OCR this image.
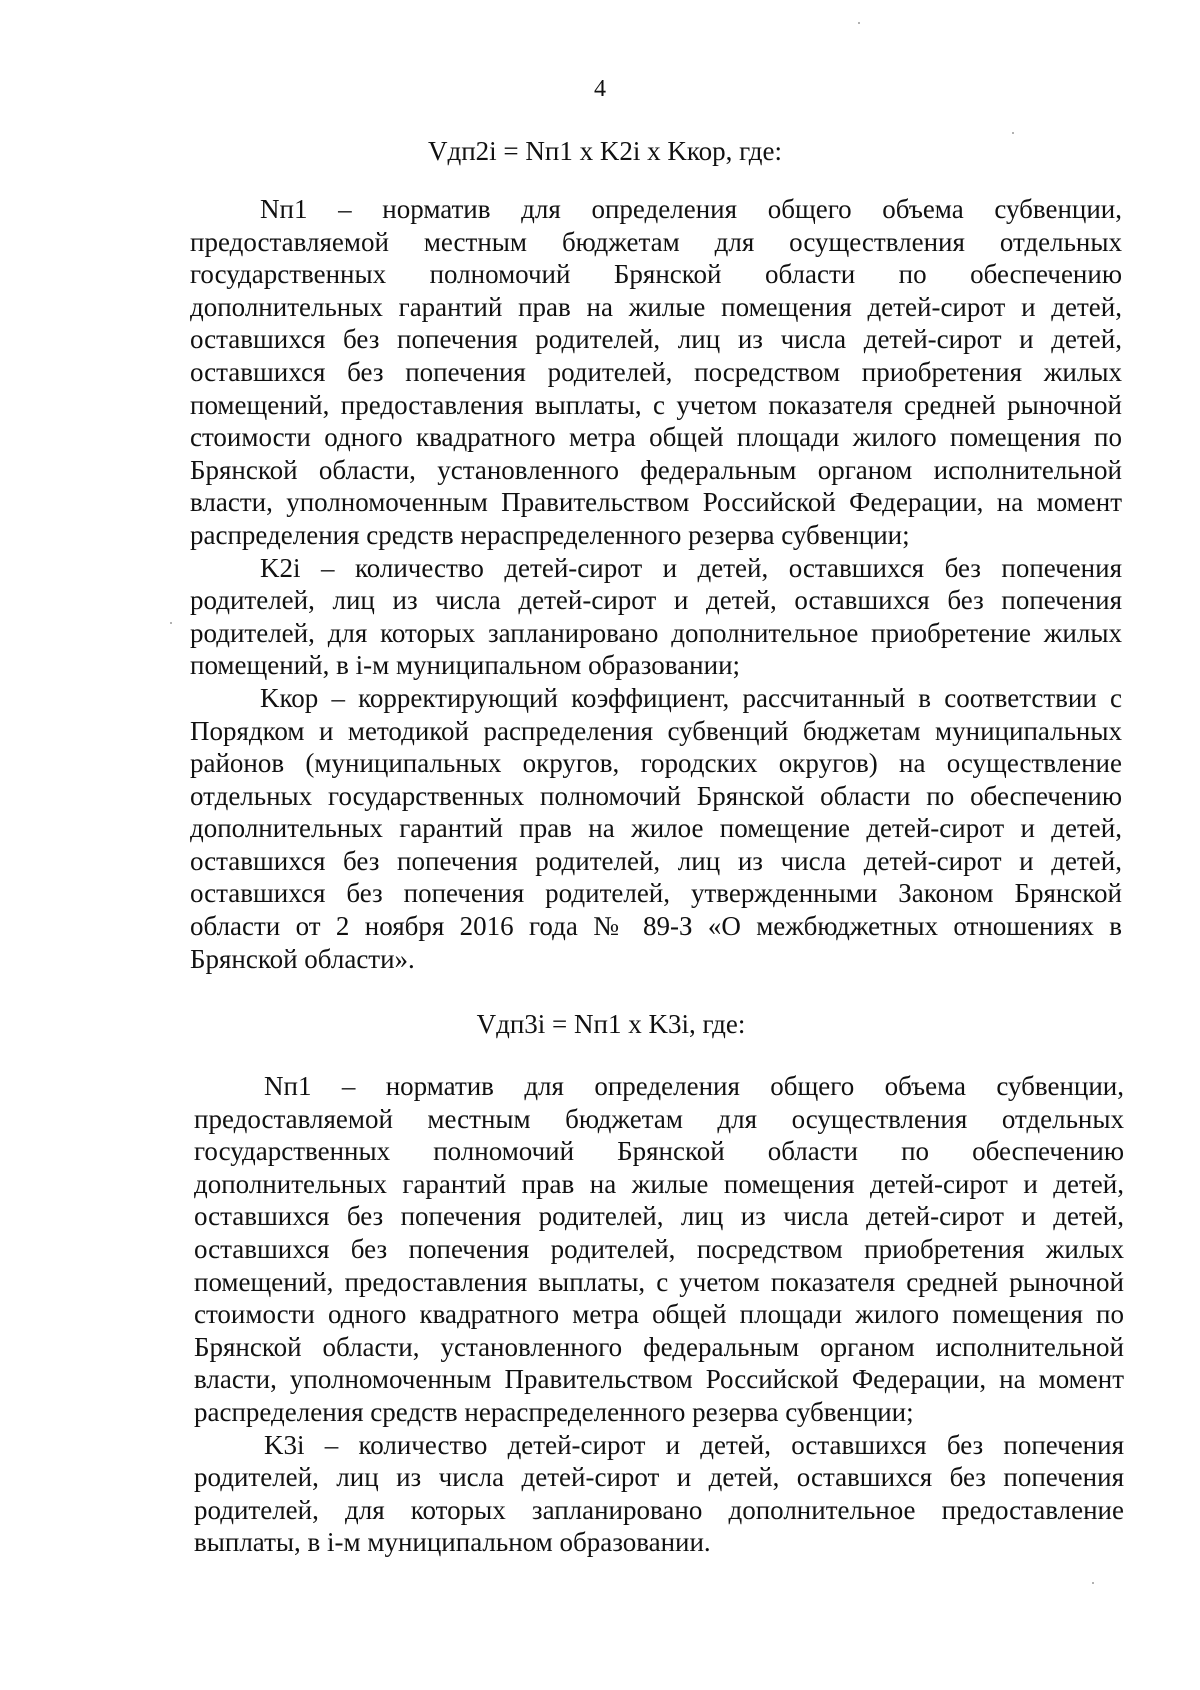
4
Vдп2i = Nп1 x K2i x Kкор, где:

Nп1 – норматив для определения общего объема субвенции, предоставляемой местным бюджетам для осуществления отдельных государственных полномочий Брянской области по обеспечению дополнительных гарантий прав на жилые помещения детей-сирот и детей, оставшихся без попечения родителей, лиц из числа детей-сирот и детей, оставшихся без попечения родителей, посредством приобретения жилых помещений, предоставления выплаты, с учетом показателя средней рыночной стоимости одного квадратного метра общей площади жилого помещения по Брянской области, установленного федеральным органом исполнительной власти, уполномоченным Правительством Российской Федерации, на момент распределения средств нераспределенного резерва субвенции;

K2i – количество детей-сирот и детей, оставшихся без попечения родителей, лиц из числа детей-сирот и детей, оставшихся без попечения родителей, для которых запланировано дополнительное приобретение жилых помещений, в i-м муниципальном образовании;

Kкор – корректирующий коэффициент, рассчитанный в соответствии с Порядком и методикой распределения субвенций бюджетам муниципальных районов (муниципальных округов, городских округов) на осуществление отдельных государственных полномочий Брянской области по обеспечению дополнительных гарантий прав на жилое помещение детей-сирот и детей, оставшихся без попечения родителей, лиц из числа детей-сирот и детей, оставшихся без попечения родителей, утвержденными Законом Брянской области от 2 ноября 2016 года № 89-З «О межбюджетных отношениях в Брянской области».

Vдп3i = Nп1 x K3i, где:

Nп1 – норматив для определения общего объема субвенции, предоставляемой местным бюджетам для осуществления отдельных государственных полномочий Брянской области по обеспечению дополнительных гарантий прав на жилые помещения детей-сирот и детей, оставшихся без попечения родителей, лиц из числа детей-сирот и детей, оставшихся без попечения родителей, посредством приобретения жилых помещений, предоставления выплаты, с учетом показателя средней рыночной стоимости одного квадратного метра общей площади жилого помещения по Брянской области, установленного федеральным органом исполнительной власти, уполномоченным Правительством Российской Федерации, на момент распределения средств нераспределенного резерва субвенции;

K3i – количество детей-сирот и детей, оставшихся без попечения родителей, лиц из числа детей-сирот и детей, оставшихся без попечения родителей, для которых запланировано дополнительное предоставление выплаты, в i-м муниципальном образовании.
